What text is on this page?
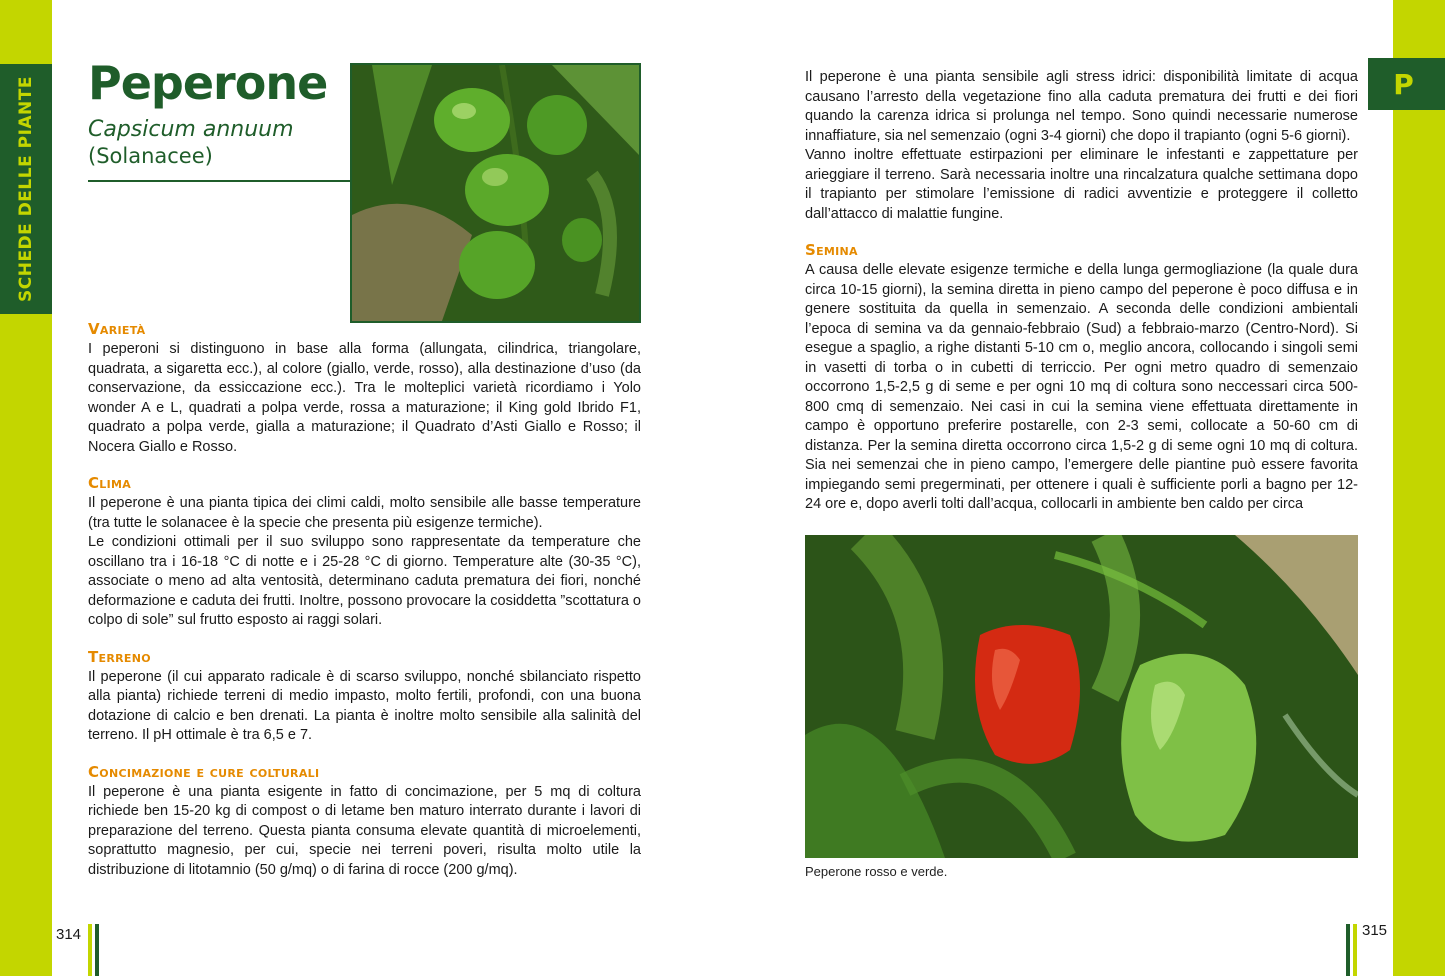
SCHEDE DELLE PIANTE	P
Peperone
Capsicum annuum
(Solanacee)
Varietà

I peperoni si distinguono in base alla forma (allungata, cilindrica, triangolare, quadrata, a sigaretta ecc.), al colore (giallo, verde, rosso), alla destinazione d’uso (da conservazione, da essiccazione ecc.). Tra le molteplici varietà ricordiamo i Yolo wonder A e L, quadrati a polpa verde, rossa a maturazione; il King gold Ibrido F1, quadrato a polpa verde, gialla a maturazione; il Quadrato d’Asti Giallo e Rosso; il Nocera Giallo e Rosso.

Clima

Il peperone è una pianta tipica dei climi caldi, molto sensibile alle basse temperature (tra tutte le solanacee è la specie che presenta più esigenze termiche).

Le condizioni ottimali per il suo sviluppo sono rappresentate da temperature che oscillano tra i 16-18 °C di notte e i 25-28 °C di giorno. Temperature alte (30-35 °C), associate o meno ad alta ventosità, determinano caduta prematura dei fiori, nonché deformazione e caduta dei frutti. Inoltre, possono provocare la cosiddetta ”scottatura o colpo di sole” sul frutto esposto ai raggi solari.

Terreno

Il peperone (il cui apparato radicale è di scarso sviluppo, nonché sbilanciato rispetto alla pianta) richiede terreni di medio impasto, molto fertili, profondi, con una buona dotazione di calcio e ben drenati. La pianta è inoltre molto sensibile alla salinità del terreno. Il pH ottimale è tra 6,5 e 7.

Concimazione e cure colturali

Il peperone è una pianta esigente in fatto di concimazione, per 5 mq di coltura richiede ben 15-20 kg di compost o di letame ben maturo interrato durante i lavori di preparazione del terreno. Questa pianta consuma elevate quantità di microelementi, soprattutto magnesio, per cui, specie nei terreni poveri, risulta molto utile la distribuzione di litotamnio (50 g/mq) o di farina di rocce (200 g/mq).

Il peperone è una pianta sensibile agli stress idrici: disponibilità limitate di acqua causano l’arresto della vegetazione fino alla caduta prematura dei frutti e dei fiori quando la carenza idrica si prolunga nel tempo. Sono quindi necessarie numerose innaffiature, sia nel semenzaio (ogni 3-4 giorni) che dopo il trapianto (ogni 5-6 giorni).

Vanno inoltre effettuate estirpazioni per eliminare le infestanti e zappettature per arieggiare il terreno. Sarà necessaria inoltre una rincalzatura qualche settimana dopo il trapianto per stimolare l’emissione di radici avventizie e proteggere il colletto dall’attacco di malattie fungine.

Semina

A causa delle elevate esigenze termiche e della lunga germogliazione (la quale dura circa 10-15 giorni), la semina diretta in pieno campo del peperone è poco diffusa e in genere sostituita da quella in semenzaio. A seconda delle condizioni ambientali l’epoca di semina va da gennaio-febbraio (Sud) a febbraio-marzo (Centro-Nord). Si esegue a spaglio, a righe distanti 5-10 cm o, meglio ancora, collocando i singoli semi in vasetti di torba o in cubetti di terriccio. Per ogni metro quadro di semenzaio occorrono 1,5-2,5 g di seme e per ogni 10 mq di coltura sono neccessari circa 500-800 cmq di semenzaio. Nei casi in cui la semina viene effettuata direttamente in campo è opportuno preferire postarelle, con 2-3 semi, collocate a 50-60 cm di distanza. Per la semina diretta occorrono circa 1,5-2 g di seme ogni 10 mq di coltura. Sia nei semenzai che in pieno campo, l’emergere delle piantine può essere favorita impiegando semi pregerminati, per ottenere i quali è sufficiente porli a bagno per 12-24 ore e, dopo averli tolti dall’acqua, collocarli in ambiente ben caldo per circa

Peperone rosso e verde.
314	315
